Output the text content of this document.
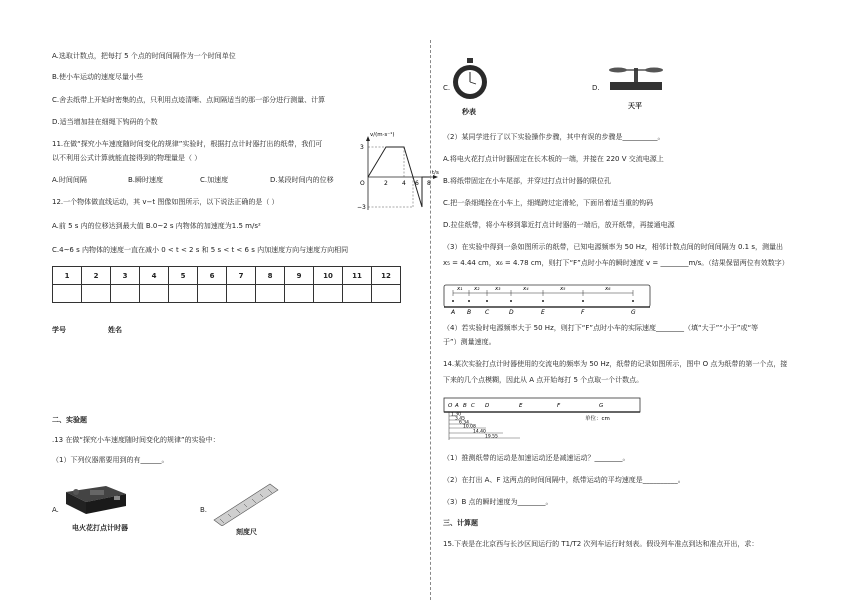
A.选取计数点，把每打 5 个点的时间间隔作为一个时间单位
B.使小车运动的速度尽量小些
C.舍去纸带上开始时密集的点，只利用点迹清晰、点间隔适当的那一部分进行测量、计算
D.适当增加挂在细绳下钩码的个数
11.在做“探究小车速度随时间变化的规律”实验时，根据打点计时器打出的纸带，我们可
以不利用公式计算就能直接得到的物理量是（ ）
A.时间间隔	B.瞬时速度	C.加速度	D.某段时间内的位移
12.一个物体做直线运动，其 v−t 图像如图所示，以下说法正确的是（ ）
A.前 5 s 内的位移达到最大值 B.0~2 s 内物体的加速度为1.5 m/s²
C.4~6 s 内物体的速度一直在减小 0 < t < 2 s 和 5 s < t < 6 s 内加速度方向与速度方向相同
v/(m·s⁻¹)
3
O
−3
2 4 6 8
t/s
1	2	3	4	5	6	7	8	9	10	11	12

学号	姓名
二、实验题
.13 在做“探究小车速度随时间变化的规律”的实验中：
（1）下列仪器需要用到的有______。
A.
电火花打点计时器
B.
刻度尺
C.
秒表
D.
天平
（2）某同学进行了以下实验操作步骤，其中有误的步骤是__________。
A.将电火花打点计时器固定在长木板的一端，并接在 220 V 交流电源上
B.将纸带固定在小车尾部，并穿过打点计时器的限位孔
C.把一条细绳拴在小车上，细绳跨过定滑轮，下面吊着适当重的钩码
D.拉住纸带，将小车移到靠近打点计时器的一端后，放开纸带，再接通电源
（3）在实验中得到一条如图所示的纸带，已知电源频率为 50 Hz，相邻计数点间的时间间隔为 0.1 s，测量出
x₅ = 4.44 cm，x₆ = 4.78 cm，则打下“F”点时小车的瞬时速度 v = ________m/s。（结果保留两位有效数字）
x₁ x₂	x₃	x₄	x₅	x₆
A B C	D	E	F	G
（4）若实验时电源频率大于 50 Hz，则打下“F”点时小车的实际速度________（填“大于”“小于”或“等
于”）测量速度。
14.某次实验打点计时器使用的交流电的频率为 50 Hz，纸带的记录如图所示，图中 O 点为纸带的第一个点，接
下来的几个点模糊，因此从 A 点开始每打 5 个点取一个计数点。
O A B C D	E	F	G
单位：cm
1.30
3.45
6.34
10.08
14.40
19.55
（1）推测纸带的运动是加速运动还是减速运动？________。
（2）在打出 A、F 这两点的时间间隔中，纸带运动的平均速度是__________。
（3）B 点的瞬时速度为________。
三、计算题
15.下表是在北京西与长沙区间运行的 T1/T2 次列车运行时刻表。假设列车准点到达和准点开出，求：
